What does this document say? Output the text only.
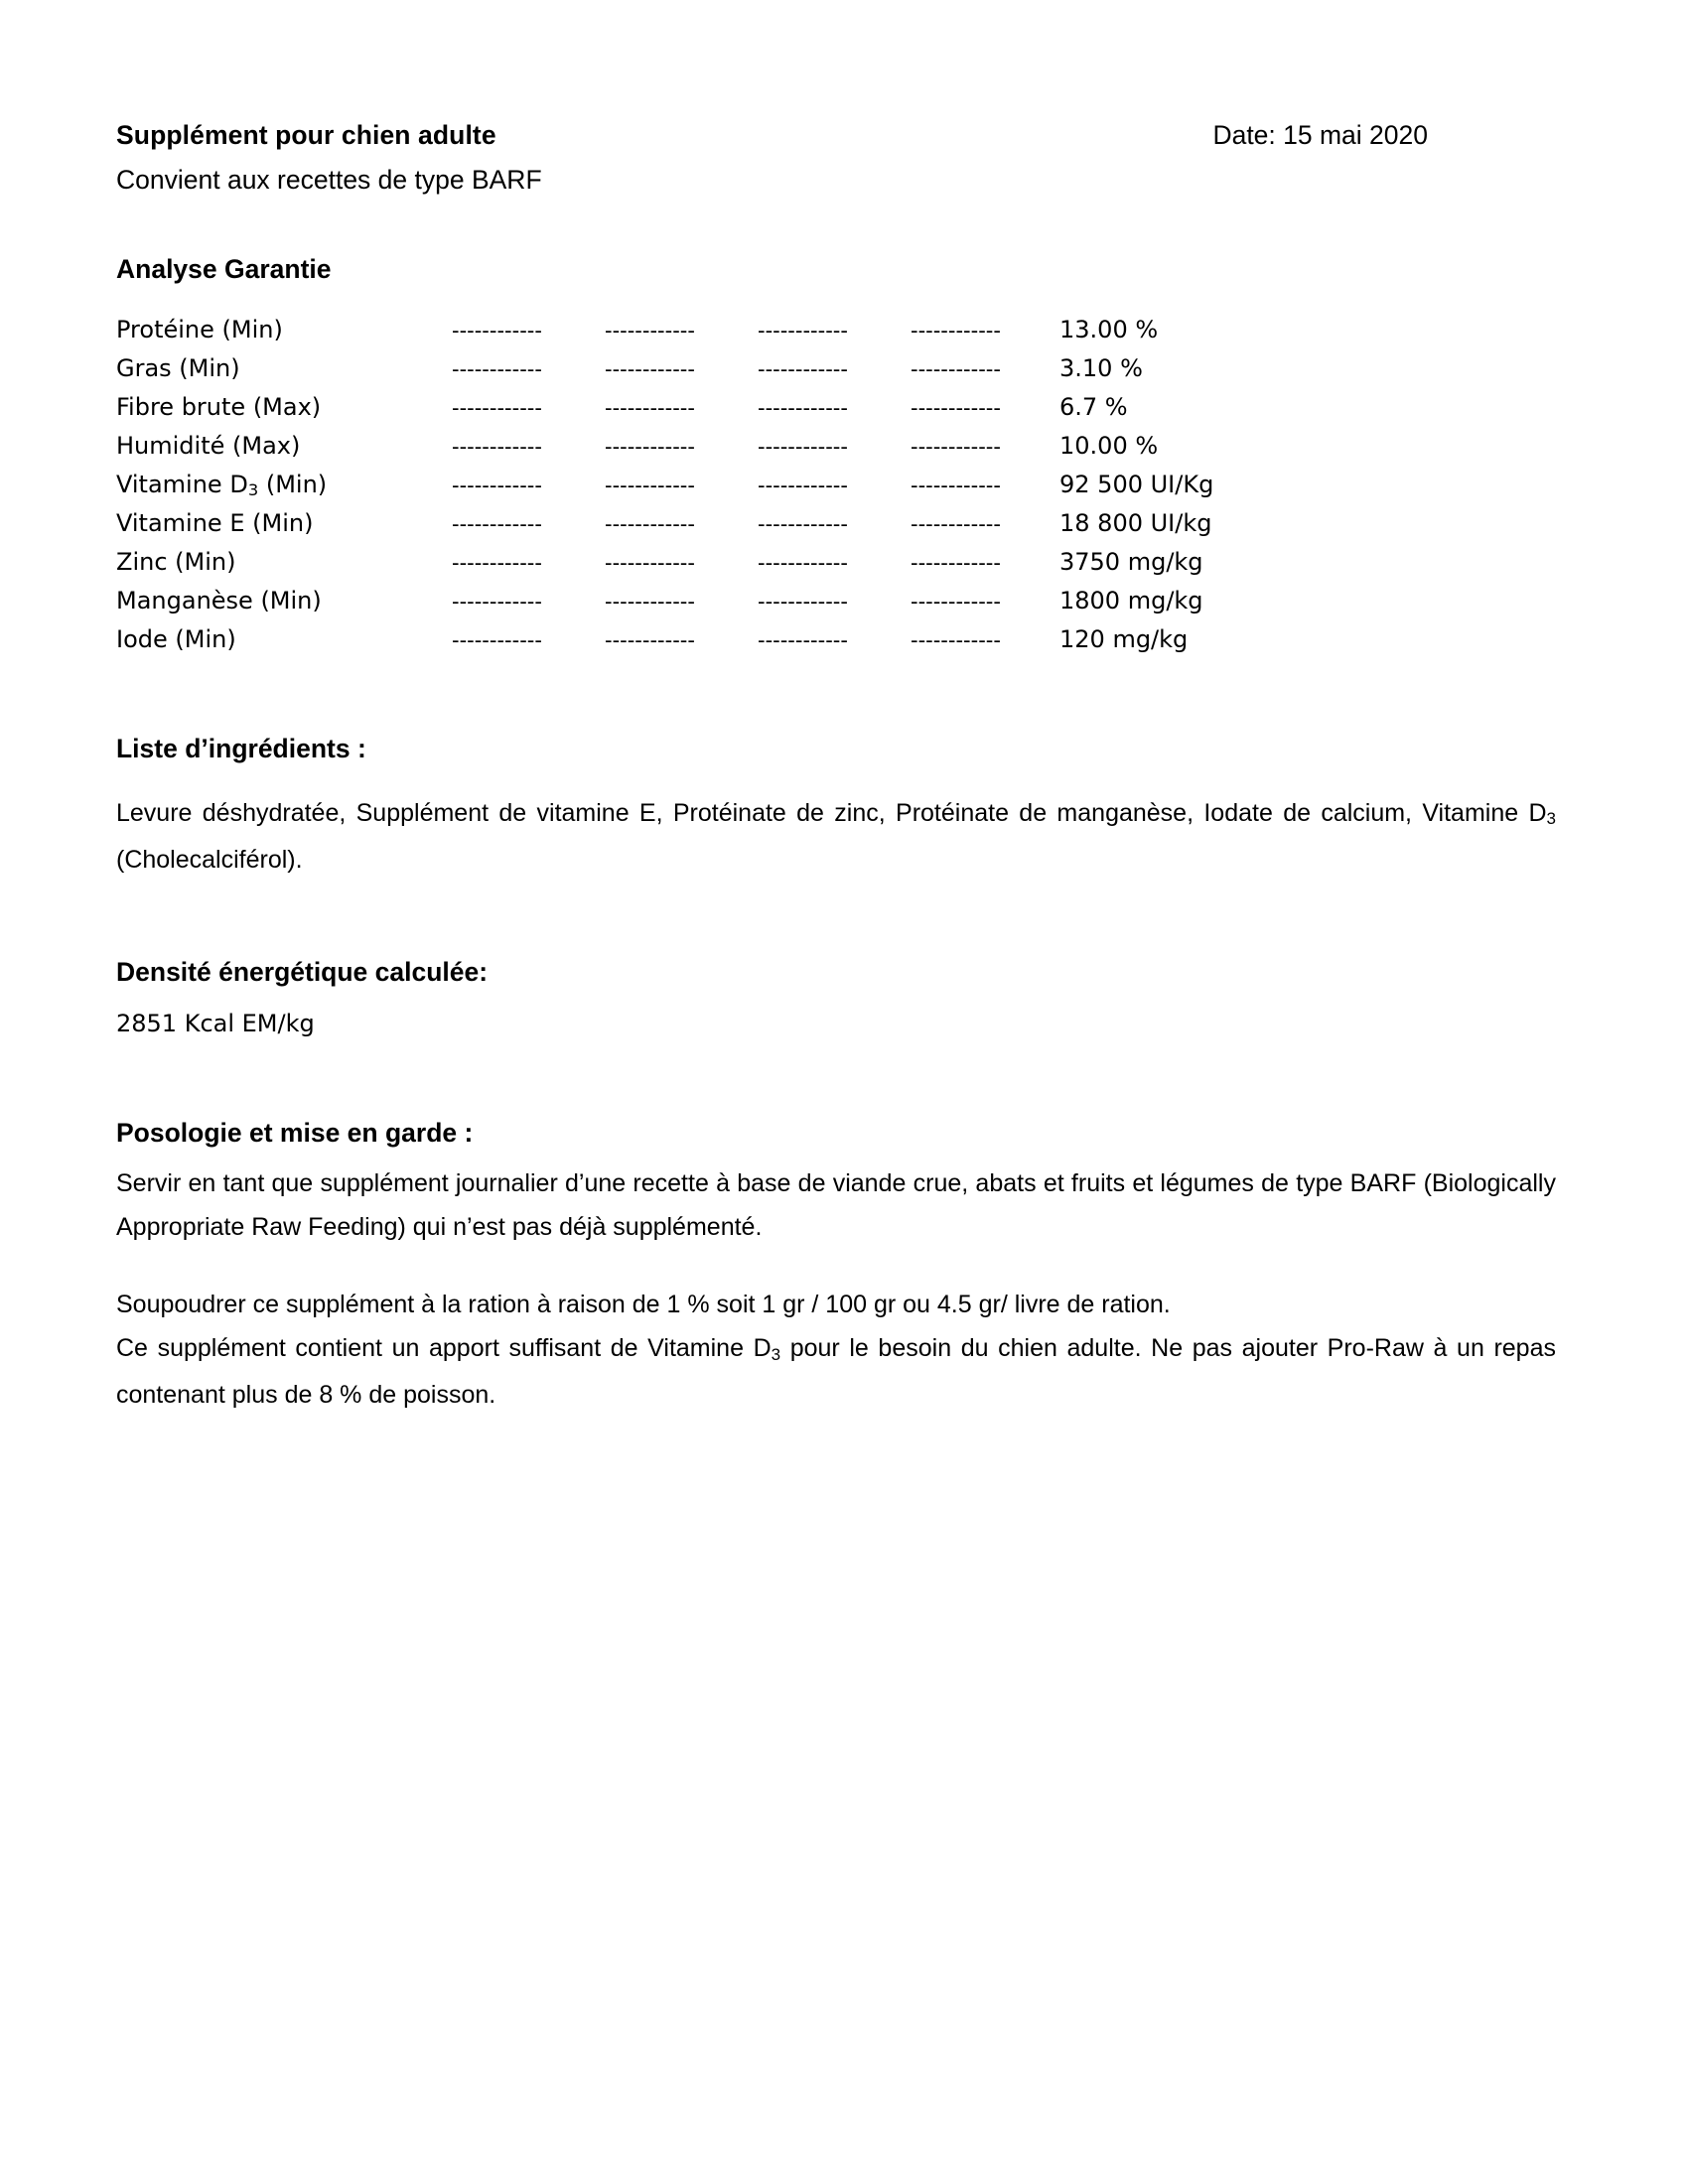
Supplément pour chien adulte	Date: 15 mai 2020
Convient aux recettes de type BARF
Analyse Garantie
Protéine (Min)	------------	------------	------------	------------	13.00 %
Gras (Min)	------------	------------	------------	------------	3.10 %
Fibre brute (Max)	------------	------------	------------	------------	6.7 %
Humidité (Max)	------------	------------	------------	------------	10.00 %
Vitamine $D_3$ (Min)	------------	------------	------------	------------	92 500 UI/Kg
Vitamine E (Min)	------------	------------	------------	------------	18 800 UI/kg
Zinc (Min)	------------	------------	------------	------------	3750 mg/kg
Manganèse (Min)	------------	------------	------------	------------	1800 mg/kg
Iode (Min)	------------	------------	------------	------------	120 mg/kg
Liste d’ingrédients :

Levure déshydratée, Supplément de vitamine E, Protéinate de zinc, Protéinate de manganèse, Iodate de calcium, Vitamine $D_3$ (Cholecalciférol).

Densité énergétique calculée:

2851 Kcal EM/kg

Posologie et mise en garde :

Servir en tant que supplément journalier d’une recette à base de viande crue, abats et fruits et légumes de type BARF (Biologically Appropriate Raw Feeding) qui n’est pas déjà supplémenté.

Soupoudrer ce supplément à la ration à raison de 1 % soit 1 gr / 100 gr ou 4.5 gr/ livre de ration.

Ce supplément contient un apport suffisant de Vitamine $D_3$ pour le besoin du chien adulte. Ne pas ajouter Pro-Raw à un repas contenant plus de 8 % de poisson.
